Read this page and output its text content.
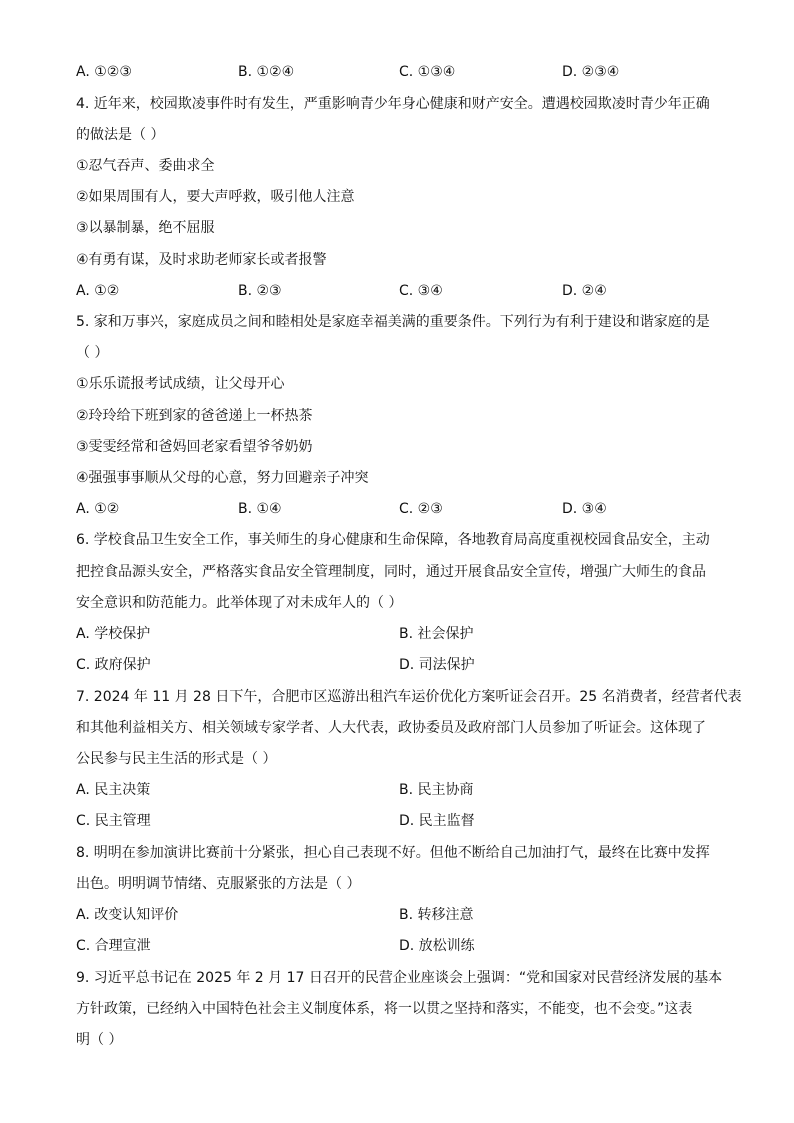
A. ①②③	B. ①②④	C. ①③④	D. ②③④
4. 近年来，校园欺凌事件时有发生，严重影响青少年身心健康和财产安全。遭遇校园欺凌时青少年正确
的做法是（ ）
①忍气吞声、委曲求全
②如果周围有人，要大声呼救，吸引他人注意
③以暴制暴，绝不屈服
④有勇有谋，及时求助老师家长或者报警
A. ①②	B. ②③	C. ③④	D. ②④
5. 家和万事兴，家庭成员之间和睦相处是家庭幸福美满的重要条件。下列行为有利于建设和谐家庭的是
（ ）
①乐乐谎报考试成绩，让父母开心
②玲玲给下班到家的爸爸递上一杯热茶
③雯雯经常和爸妈回老家看望爷爷奶奶
④强强事事顺从父母的心意，努力回避亲子冲突
A. ①②	B. ①④	C. ②③	D. ③④
6. 学校食品卫生安全工作，事关师生的身心健康和生命保障，各地教育局高度重视校园食品安全，主动
把控食品源头安全，严格落实食品安全管理制度，同时，通过开展食品安全宣传，增强广大师生的食品
安全意识和防范能力。此举体现了对未成年人的（ ）
A. 学校保护	B. 社会保护
C. 政府保护	D. 司法保护
7. 2024 年 11 月 28 日下午，合肥市区巡游出租汽车运价优化方案听证会召开。25 名消费者，经营者代表
和其他利益相关方、相关领域专家学者、人大代表，政协委员及政府部门人员参加了听证会。这体现了
公民参与民主生活的形式是（ ）
A. 民主决策	B. 民主协商
C. 民主管理	D. 民主监督
8. 明明在参加演讲比赛前十分紧张，担心自己表现不好。但他不断给自己加油打气，最终在比赛中发挥
出色。明明调节情绪、克服紧张的方法是（ ）
A. 改变认知评价	B. 转移注意
C. 合理宣泄	D. 放松训练
9. 习近平总书记在 2025 年 2 月 17 日召开的民营企业座谈会上强调：“党和国家对民营经济发展的基本
方针政策，已经纳入中国特色社会主义制度体系，将一以贯之坚持和落实，不能变，也不会变。”这表
明（ ）
